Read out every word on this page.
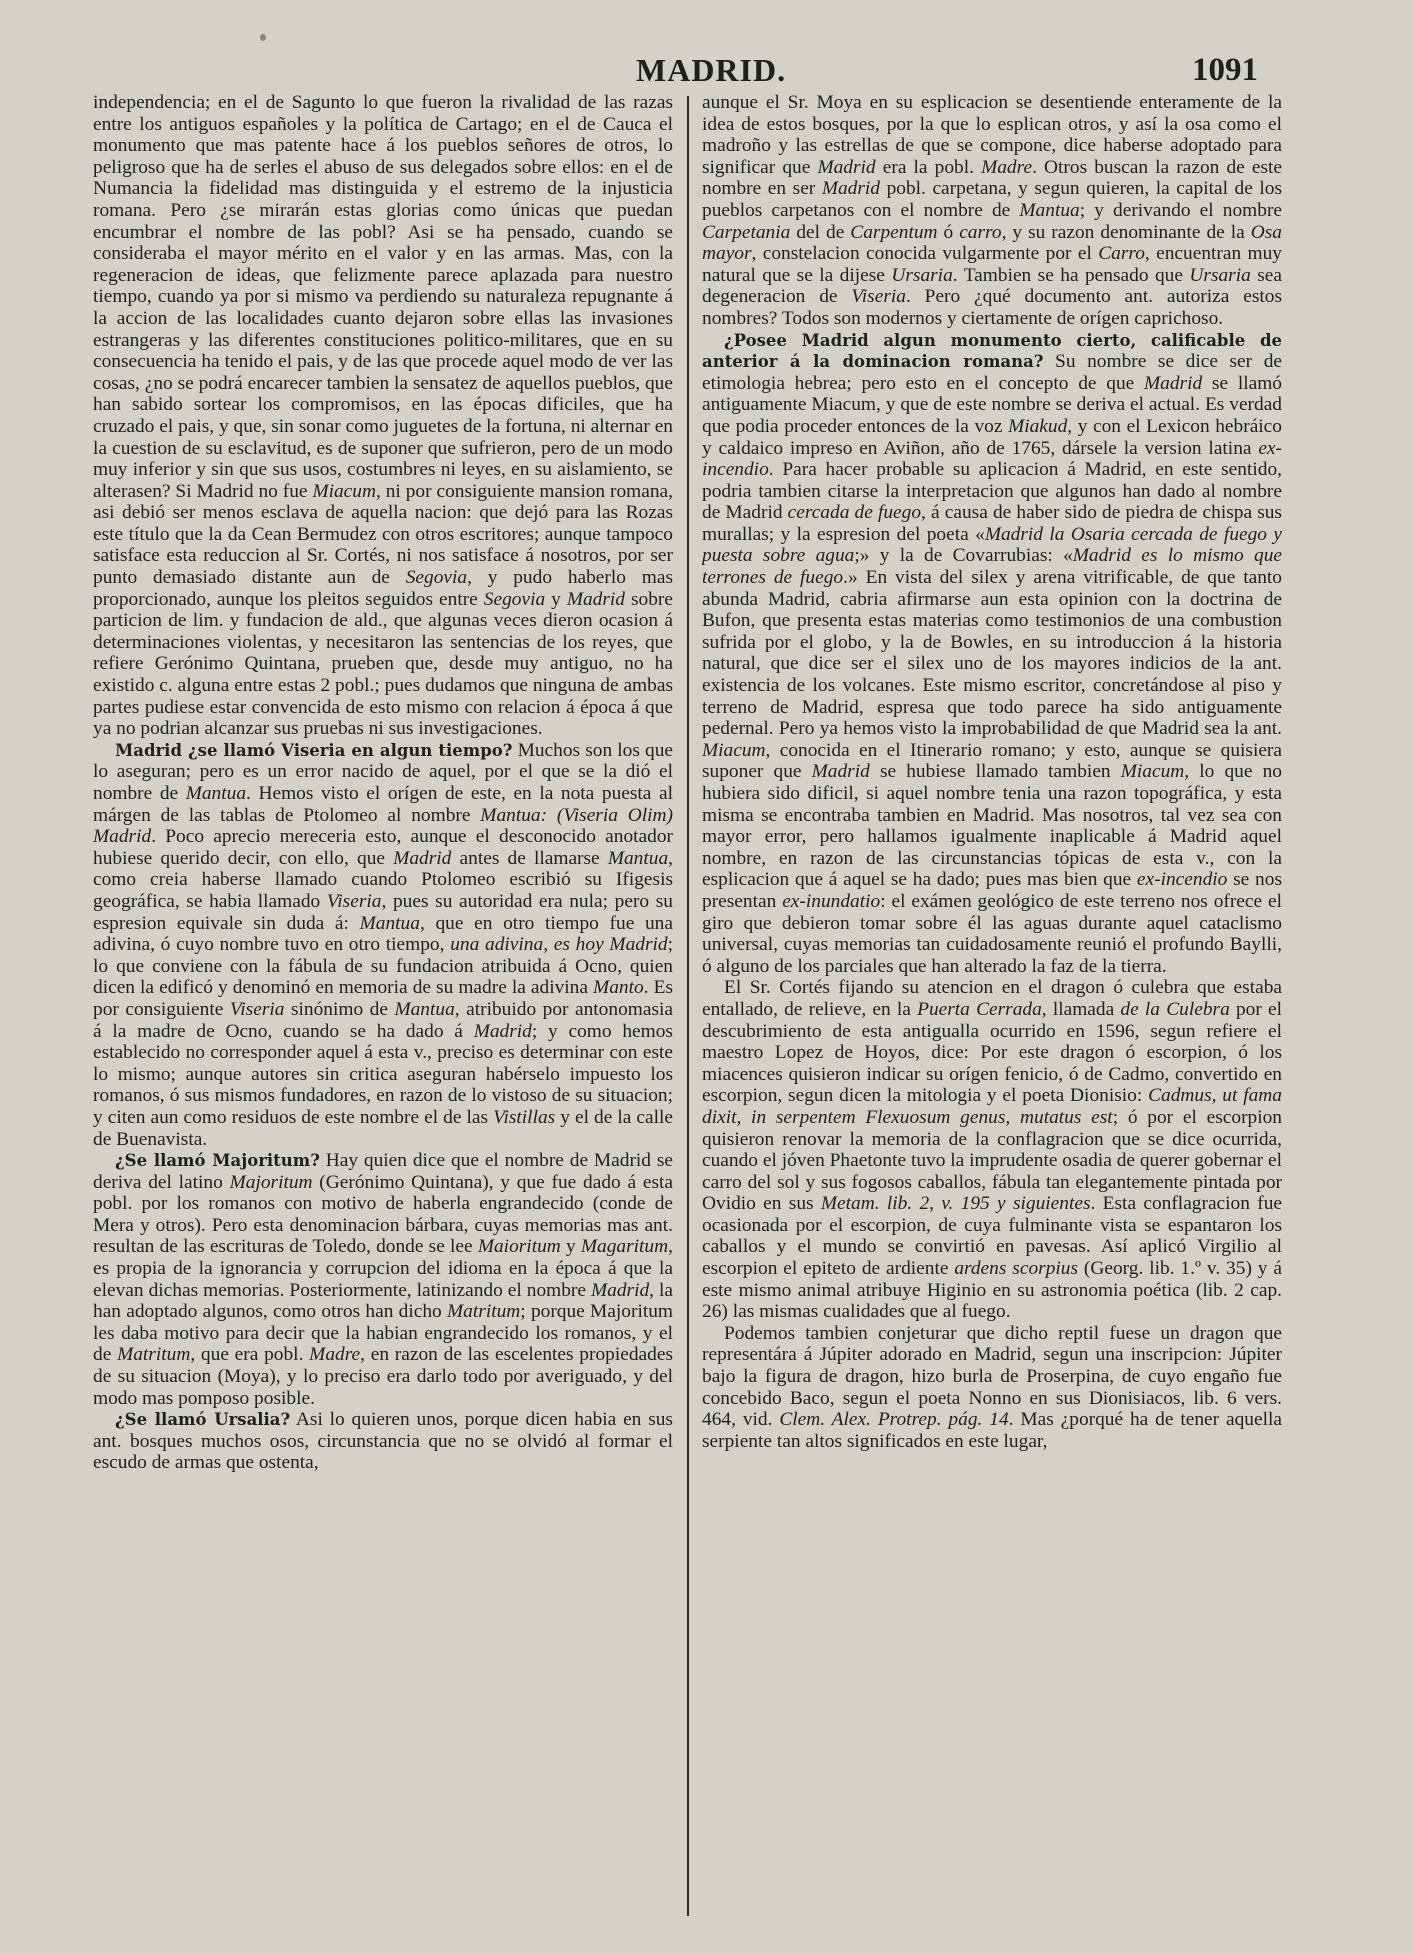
MADRID.	1091

independencia; en el de Sagunto lo que fueron la rivalidad de las razas entre los antiguos españoles y la política de Cartago; en el de Cauca el monumento que mas patente hace á los pueblos señores de otros, lo peligroso que ha de serles el abuso de sus delegados sobre ellos: en el de Numancia la fidelidad mas distinguida y el estremo de la injusticia romana. Pero ¿se mirarán estas glorias como únicas que puedan encumbrar el nombre de las pobl? Asi se ha pensado, cuando se consideraba el mayor mérito en el valor y en las armas. Mas, con la regeneracion de ideas, que felizmente parece aplazada para nuestro tiempo, cuando ya por si mismo va perdiendo su naturaleza repugnante á la accion de las localidades cuanto dejaron sobre ellas las invasiones estrangeras y las diferentes constituciones politico-militares, que en su consecuencia ha tenido el pais, y de las que procede aquel modo de ver las cosas, ¿no se podrá encarecer tambien la sensatez de aquellos pueblos, que han sabido sortear los compromisos, en las épocas dificiles, que ha cruzado el pais, y que, sin sonar como juguetes de la fortuna, ni alternar en la cuestion de su esclavitud, es de suponer que sufrieron, pero de un modo muy inferior y sin que sus usos, costumbres ni leyes, en su aislamiento, se alterasen? Si Madrid no fue Miacum, ni por consiguiente mansion romana, asi debió ser menos esclava de aquella nacion: que dejó para las Rozas este título que la da Cean Bermudez con otros escritores; aunque tampoco satisface esta reduccion al Sr. Cortés, ni nos satisface á nosotros, por ser punto demasiado distante aun de Segovia, y pudo haberlo mas proporcionado, aunque los pleitos seguidos entre Segovia y Madrid sobre particion de lim. y fundacion de ald., que algunas veces dieron ocasion á determinaciones violentas, y necesitaron las sentencias de los reyes, que refiere Gerónimo Quintana, prueben que, desde muy antiguo, no ha existido c. alguna entre estas 2 pobl.; pues dudamos que ninguna de ambas partes pudiese estar convencida de esto mismo con relacion á época á que ya no podrian alcanzar sus pruebas ni sus investigaciones.

Madrid ¿se llamó Viseria en algun tiempo? Muchos son los que lo aseguran; pero es un error nacido de aquel, por el que se la dió el nombre de Mantua. Hemos visto el orígen de este, en la nota puesta al márgen de las tablas de Ptolomeo al nombre Mantua: (Viseria Olim) Madrid. Poco aprecio mereceria esto, aunque el desconocido anotador hubiese querido decir, con ello, que Madrid antes de llamarse Mantua, como creia haberse llamado cuando Ptolomeo escribió su Ifigesis geográfica, se habia llamado Viseria, pues su autoridad era nula; pero su espresion equivale sin duda á: Mantua, que en otro tiempo fue una adivina, ó cuyo nombre tuvo en otro tiempo, una adivina, es hoy Madrid; lo que conviene con la fábula de su fundacion atribuida á Ocno, quien dicen la edificó y denominó en memoria de su madre la adivina Manto. Es por consiguiente Viseria sinónimo de Mantua, atribuido por antonomasia á la madre de Ocno, cuando se ha dado á Madrid; y como hemos establecido no corresponder aquel á esta v., preciso es determinar con este lo mismo; aunque autores sin critica aseguran habérselo impuesto los romanos, ó sus mismos fundadores, en razon de lo vistoso de su situacion; y citen aun como residuos de este nombre el de las Vistillas y el de la calle de Buenavista.

¿Se llamó Majoritum? Hay quien dice que el nombre de Madrid se deriva del latino Majoritum (Gerónimo Quintana), y que fue dado á esta pobl. por los romanos con motivo de haberla engrandecido (conde de Mera y otros). Pero esta denominacion bárbara, cuyas memorias mas ant. resultan de las escrituras de Toledo, donde se lee Maioritum y Magaritum, es propia de la ignorancia y corrupcion del idioma en la época á que la elevan dichas memorias. Posteriormente, latinizando el nombre Madrid, la han adoptado algunos, como otros han dicho Matritum; porque Majoritum les daba motivo para decir que la habian engrandecido los romanos, y el de Matritum, que era pobl. Madre, en razon de las escelentes propiedades de su situacion (Moya), y lo preciso era darlo todo por averiguado, y del modo mas pomposo posible.

¿Se llamó Ursalia? Asi lo quieren unos, porque dicen habia en sus ant. bosques muchos osos, circunstancia que no se olvidó al formar el escudo de armas que ostenta,

aunque el Sr. Moya en su esplicacion se desentiende enteramente de la idea de estos bosques, por la que lo esplican otros, y así la osa como el madroño y las estrellas de que se compone, dice haberse adoptado para significar que Madrid era la pobl. Madre. Otros buscan la razon de este nombre en ser Madrid pobl. carpetana, y segun quieren, la capital de los pueblos carpetanos con el nombre de Mantua; y derivando el nombre Carpetania del de Carpentum ó carro, y su razon denominante de la Osa mayor, constelacion conocida vulgarmente por el Carro, encuentran muy natural que se la dijese Ursaria. Tambien se ha pensado que Ursaria sea degeneracion de Viseria. Pero ¿qué documento ant. autoriza estos nombres? Todos son modernos y ciertamente de orígen caprichoso.

¿Posee Madrid algun monumento cierto, calificable de anterior á la dominacion romana? Su nombre se dice ser de etimologia hebrea; pero esto en el concepto de que Madrid se llamó antiguamente Miacum, y que de este nombre se deriva el actual. Es verdad que podia proceder entonces de la voz Miakud, y con el Lexicon hebráico y caldaico impreso en Aviñon, año de 1765, dársele la version latina ex-incendio. Para hacer probable su aplicacion á Madrid, en este sentido, podria tambien citarse la interpretacion que algunos han dado al nombre de Madrid cercada de fuego, á causa de haber sido de piedra de chispa sus murallas; y la espresion del poeta «Madrid la Osaria cercada de fuego y puesta sobre agua;» y la de Covarrubias: «Madrid es lo mismo que terrones de fuego.» En vista del silex y arena vitrificable, de que tanto abunda Madrid, cabria afirmarse aun esta opinion con la doctrina de Bufon, que presenta estas materias como testimonios de una combustion sufrida por el globo, y la de Bowles, en su introduccion á la historia natural, que dice ser el silex uno de los mayores indicios de la ant. existencia de los volcanes. Este mismo escritor, concretándose al piso y terreno de Madrid, espresa que todo parece ha sido antiguamente pedernal. Pero ya hemos visto la improbabilidad de que Madrid sea la ant. Miacum, conocida en el Itinerario romano; y esto, aunque se quisiera suponer que Madrid se hubiese llamado tambien Miacum, lo que no hubiera sido dificil, si aquel nombre tenia una razon topográfica, y esta misma se encontraba tambien en Madrid. Mas nosotros, tal vez sea con mayor error, pero hallamos igualmente inaplicable á Madrid aquel nombre, en razon de las circunstancias tópicas de esta v., con la esplicacion que á aquel se ha dado; pues mas bien que ex-incendio se nos presentan ex-inundatio: el exámen geológico de este terreno nos ofrece el giro que debieron tomar sobre él las aguas durante aquel cataclismo universal, cuyas memorias tan cuidadosamente reunió el profundo Baylli, ó alguno de los parciales que han alterado la faz de la tierra.

El Sr. Cortés fijando su atencion en el dragon ó culebra que estaba entallado, de relieve, en la Puerta Cerrada, llamada de la Culebra por el descubrimiento de esta antigualla ocurrido en 1596, segun refiere el maestro Lopez de Hoyos, dice: Por este dragon ó escorpion, ó los miacences quisieron indicar su orígen fenicio, ó de Cadmo, convertido en escorpion, segun dicen la mitologia y el poeta Dionisio: Cadmus, ut fama dixit, in serpentem Flexuosum genus, mutatus est; ó por el escorpion quisieron renovar la memoria de la conflagracion que se dice ocurrida, cuando el jóven Phaetonte tuvo la imprudente osadia de querer gobernar el carro del sol y sus fogosos caballos, fábula tan elegantemente pintada por Ovidio en sus Metam. lib. 2, v. 195 y siguientes. Esta conflagracion fue ocasionada por el escorpion, de cuya fulminante vista se espantaron los caballos y el mundo se convirtió en pavesas. Así aplicó Virgilio al escorpion el epiteto de ardiente ardens scorpius (Georg. lib. 1.º v. 35) y á este mismo animal atribuye Higinio en su astronomia poética (lib. 2 cap. 26) las mismas cualidades que al fuego.

Podemos tambien conjeturar que dicho reptil fuese un dragon que representára á Júpiter adorado en Madrid, segun una inscripcion: Júpiter bajo la figura de dragon, hizo burla de Proserpina, de cuyo engaño fue concebido Baco, segun el poeta Nonno en sus Dionisiacos, lib. 6 vers. 464, vid. Clem. Alex. Protrep. pág. 14. Mas ¿porqué ha de tener aquella serpiente tan altos significados en este lugar,
